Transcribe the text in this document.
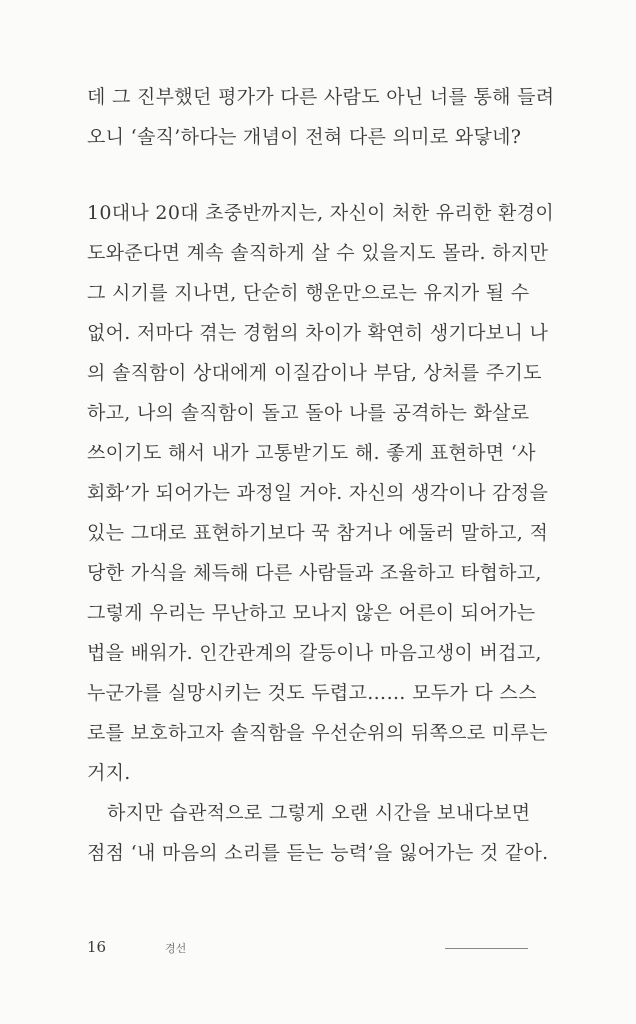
데 그 진부했던 평가가 다른 사람도 아닌 너를 통해 들려
오니 ‘솔직’하다는 개념이 전혀 다른 의미로 와닿네?
10대나 20대 초중반까지는, 자신이 처한 유리한 환경이
도와준다면 계속 솔직하게 살 수 있을지도 몰라. 하지만
그 시기를 지나면, 단순히 행운만으로는 유지가 될 수
없어. 저마다 겪는 경험의 차이가 확연히 생기다보니 나
의 솔직함이 상대에게 이질감이나 부담, 상처를 주기도
하고, 나의 솔직함이 돌고 돌아 나를 공격하는 화살로
쓰이기도 해서 내가 고통받기도 해. 좋게 표현하면 ‘사
회화’가 되어가는 과정일 거야. 자신의 생각이나 감정을
있는 그대로 표현하기보다 꾹 참거나 에둘러 말하고, 적
당한 가식을 체득해 다른 사람들과 조율하고 타협하고,
그렇게 우리는 무난하고 모나지 않은 어른이 되어가는
법을 배워가. 인간관계의 갈등이나 마음고생이 버겁고,
누군가를 실망시키는 것도 두렵고…… 모두가 다 스스
로를 보호하고자 솔직함을 우선순위의 뒤쪽으로 미루는
거지.
하지만 습관적으로 그렇게 오랜 시간을 보내다보면
점점 ‘내 마음의 소리를 듣는 능력’을 잃어가는 것 같아.
16	경선
